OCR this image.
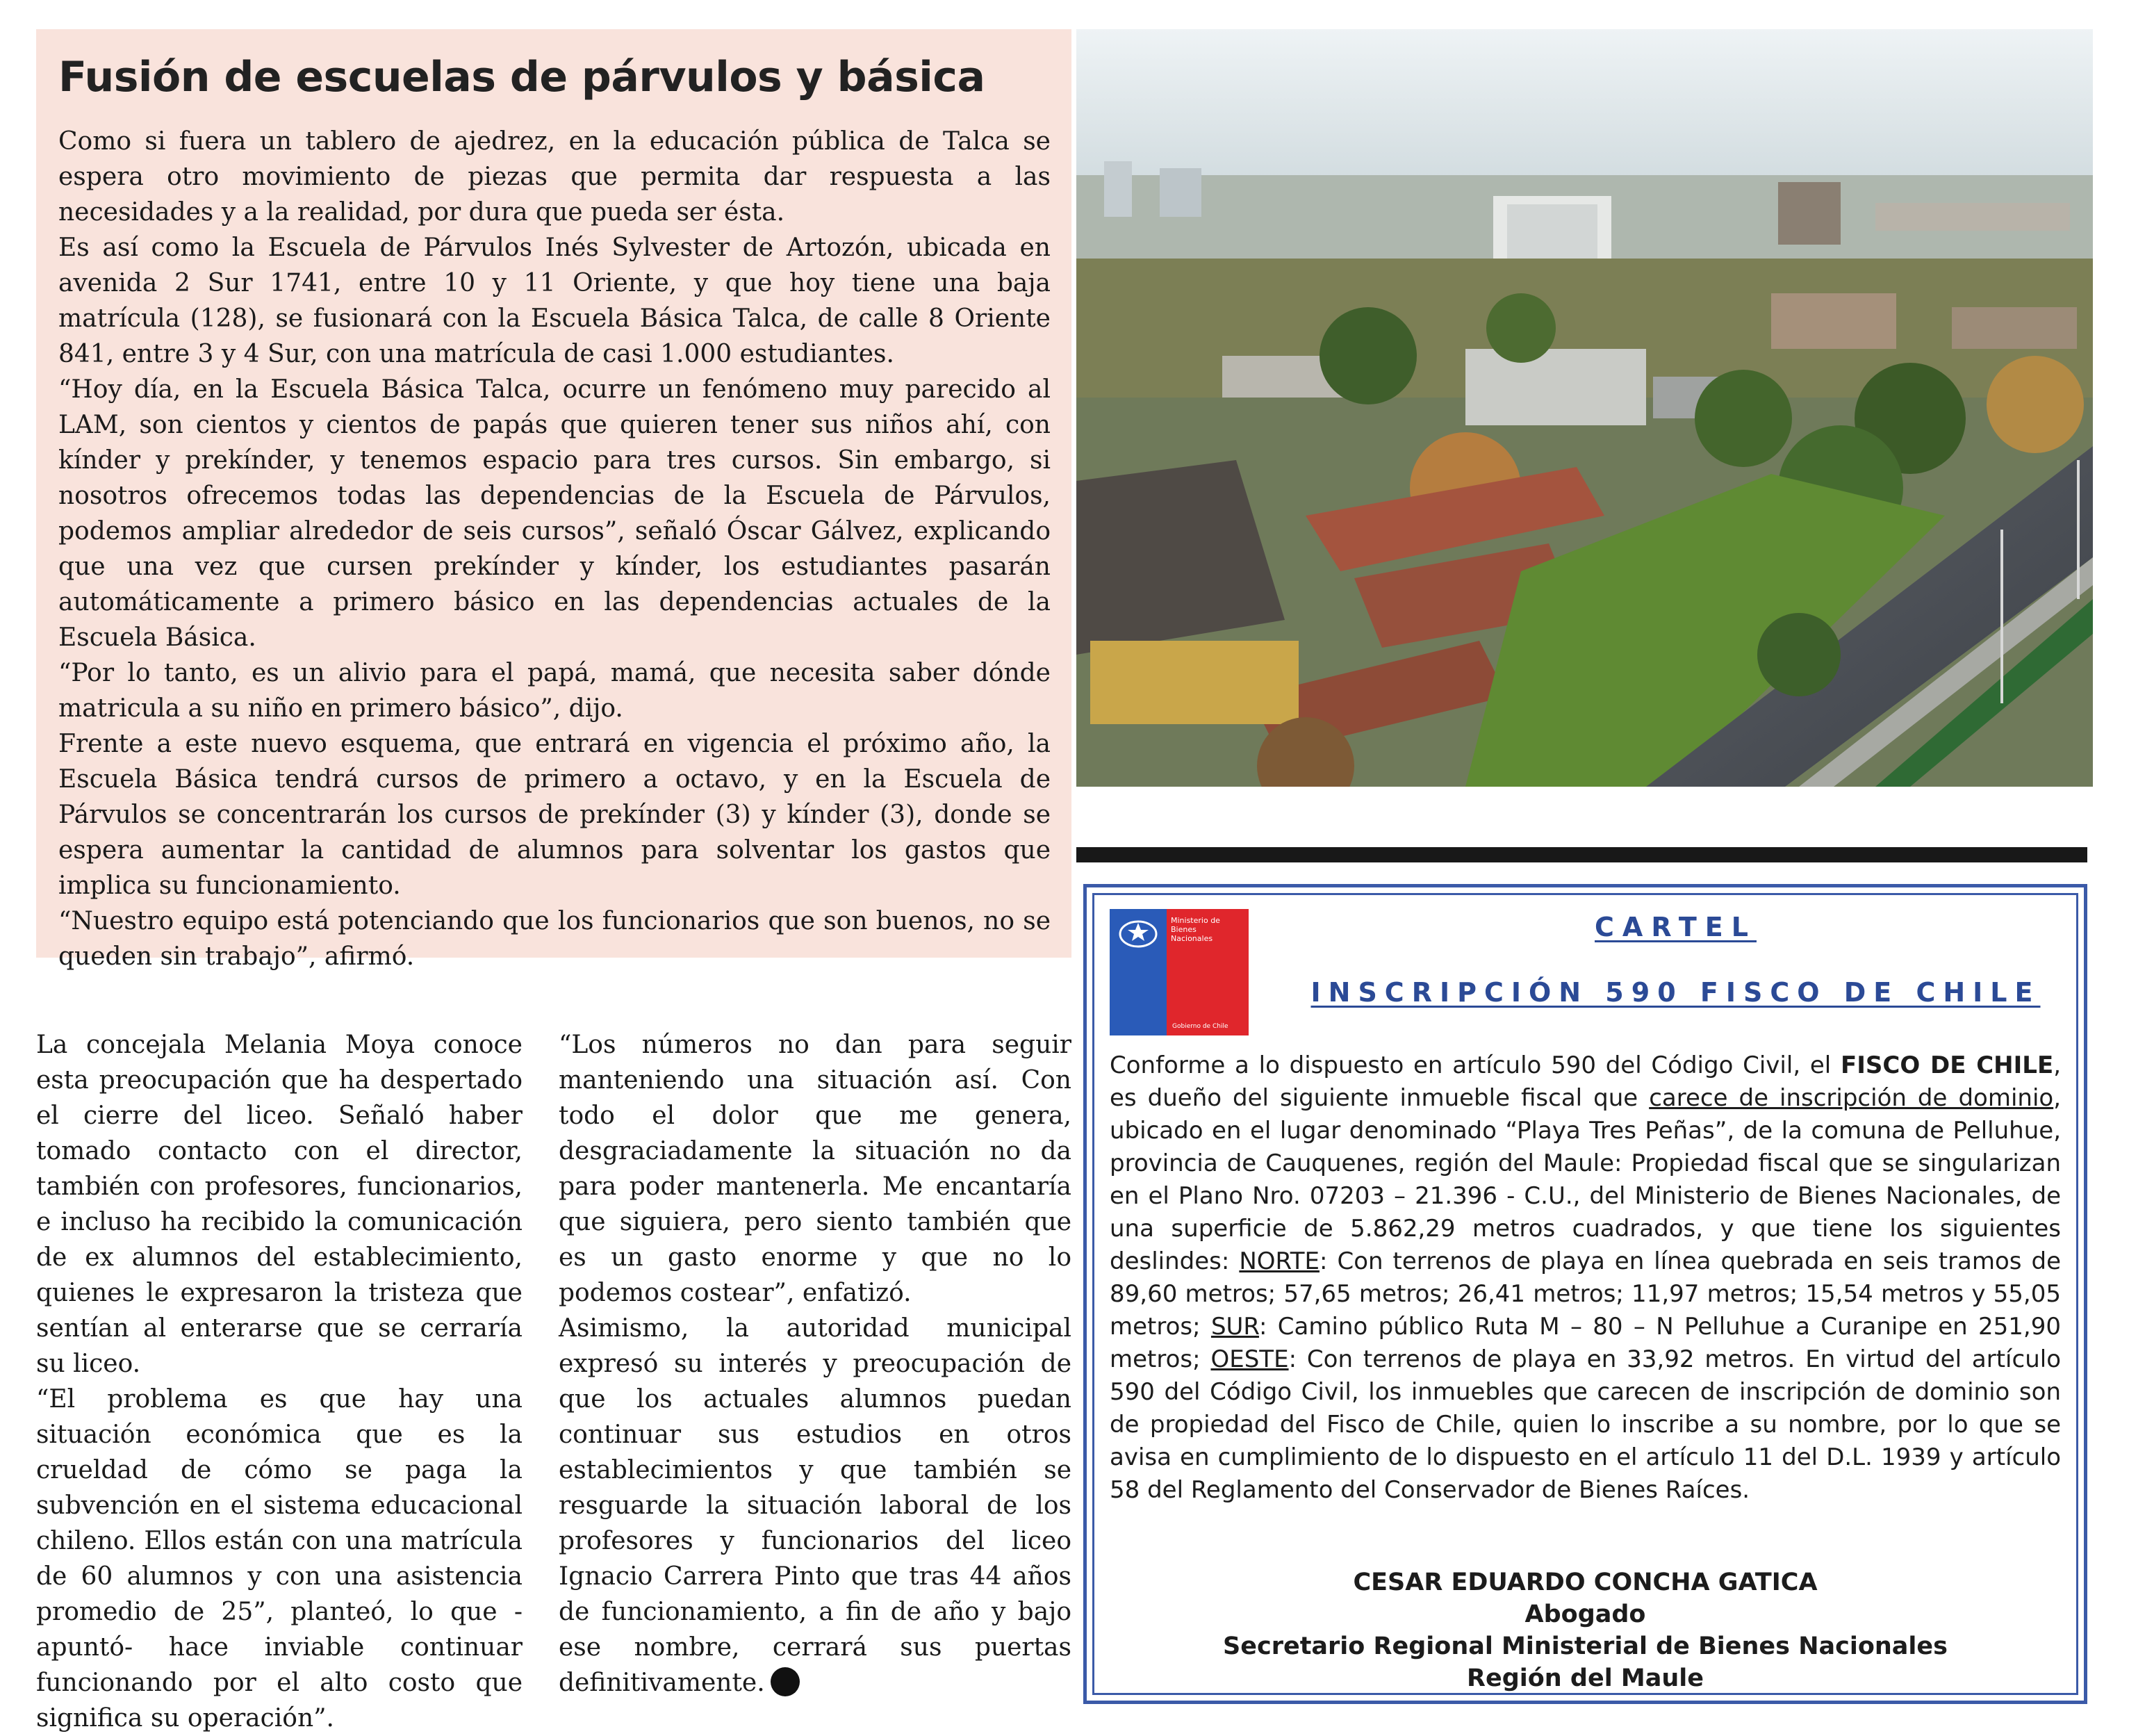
Fusión de escuelas de párvulos y básica

Como si fuera un tablero de ajedrez, en la educación pública de Talca se espera otro movimiento de piezas que permita dar respuesta a las necesidades y a la realidad, por dura que pueda ser ésta.

Es así como la Escuela de Párvulos Inés Sylvester de Artozón, ubicada en avenida 2 Sur 1741, entre 10 y 11 Oriente, y que hoy tiene una baja matrícula (128), se fusionará con la Escuela Básica Talca, de calle 8 Oriente 841, entre 3 y 4 Sur, con una matrícula de casi 1.000 estudiantes.

“Hoy día, en la Escuela Básica Talca, ocurre un fenómeno muy parecido al LAM, son cientos y cientos de papás que quieren tener sus niños ahí, con kínder y prekínder, y tenemos espacio para tres cursos. Sin embargo, si nosotros ofrecemos todas las dependencias de la Escuela de Párvulos, podemos ampliar alrededor de seis cursos”, señaló Óscar Gálvez, explicando que una vez que cursen prekínder y kínder, los estudiantes pasarán automáticamente a primero básico en las dependencias actuales de la Escuela Básica.

“Por lo tanto, es un alivio para el papá, mamá, que necesita saber dónde matricula a su niño en primero básico”, dijo.

Frente a este nuevo esquema, que entrará en vigencia el próximo año, la Escuela Básica tendrá cursos de primero a octavo, y en la Escuela de Párvulos se concentrarán los cursos de prekínder (3) y kínder (3), donde se espera aumentar la cantidad de alumnos para solventar los gastos que implica su funcionamiento.

“Nuestro equipo está potenciando que los funcionarios que son buenos, no se queden sin trabajo”, afirmó.

La concejala Melania Moya conoce esta preocupación que ha despertado el cierre del liceo. Señaló haber tomado contacto con el director, también con profesores, funcionarios, e incluso ha recibido la comunicación de ex alumnos del establecimiento, quienes le expresaron la tristeza que sentían al enterarse que se cerraría su liceo.

“El problema es que hay una situación económica que es la crueldad de cómo se paga la subvención en el sistema educacional chileno. Ellos están con una matrícula de 60 alumnos y con una asistencia promedio de 25”, planteó, lo que -apuntó- hace inviable continuar funcionando por el alto costo que significa su operación”.

“Los números no dan para seguir manteniendo una situación así. Con todo el dolor que me genera, desgraciadamente la situación no da para poder mantenerla. Me encantaría que siguiera, pero siento también que es un gasto enorme y que no lo podemos costear”, enfatizó.

Asimismo, la autoridad municipal expresó su interés y preocupación de que los actuales alumnos puedan continuar sus estudios en otros establecimientos y que también se resguarde la situación laboral de los profesores y funcionarios del liceo Ignacio Carrera Pinto que tras 44 años de funcionamiento, a fin de año y bajo ese nombre, cerrará sus puertas definitivamente.

Ministerio de
Bienes
Nacionales
Gobierno de Chile
CARTEL
INSCRIPCIÓN 590 FISCO DE CHILE
Conforme a lo dispuesto en artículo 590 del Código Civil, el FISCO DE CHILE, es dueño del siguiente inmueble fiscal que carece de inscripción de dominio, ubicado en el lugar denominado “Playa Tres Peñas”, de la comuna de Pelluhue, provincia de Cauquenes, región del Maule: Propiedad fiscal que se singularizan en el Plano Nro. 07203 – 21.396 - C.U., del Ministerio de Bienes Nacionales, de una superficie de 5.862,29 metros cuadrados, y que tiene los siguientes deslindes: NORTE: Con terrenos de playa en línea quebrada en seis tramos de 89,60 metros; 57,65 metros; 26,41 metros; 11,97 metros; 15,54 metros y 55,05 metros; SUR: Camino público Ruta M – 80 – N Pelluhue a Curanipe en 251,90 metros; OESTE: Con terrenos de playa en 33,92 metros. En virtud del artículo 590 del Código Civil, los inmuebles que carecen de inscripción de dominio son de propiedad del Fisco de Chile, quien lo inscribe a su nombre, por lo que se avisa en cumplimiento de lo dispuesto en el artículo 11 del D.L. 1939 y artículo 58 del Reglamento del Conservador de Bienes Raíces.
CESAR EDUARDO CONCHA GATICA
Abogado
Secretario Regional Ministerial de Bienes Nacionales
Región del Maule
